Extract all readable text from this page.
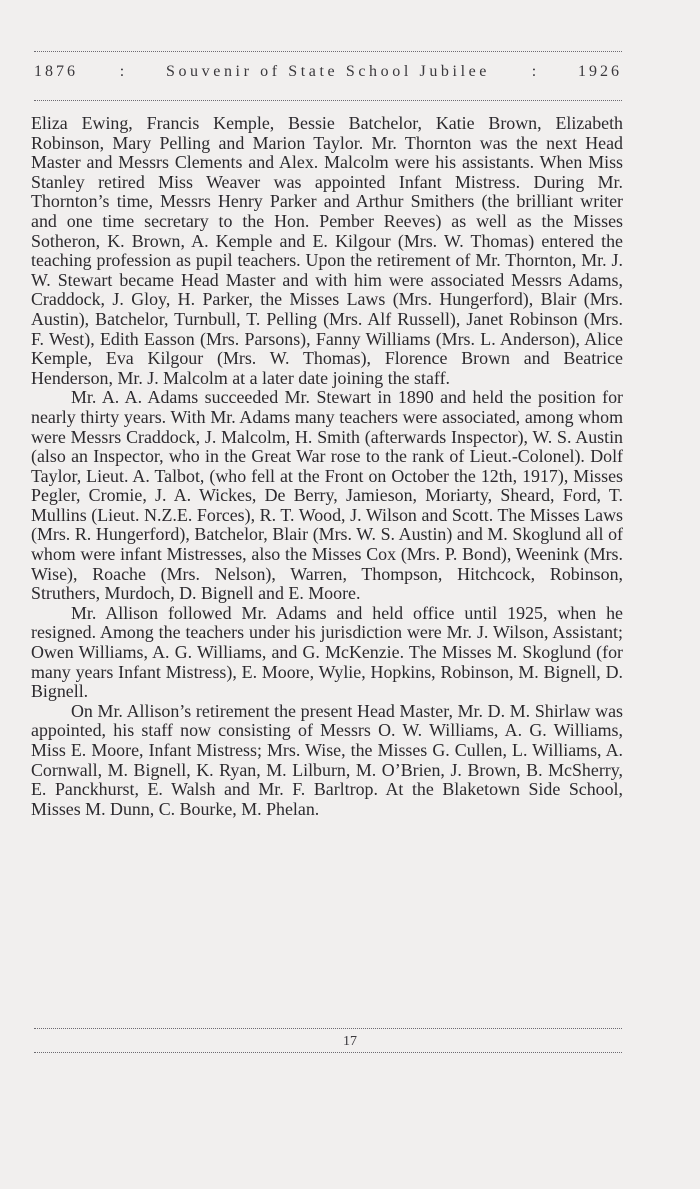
1876	:	Souvenir of State School Jubilee	:	1926

Eliza Ewing, Francis Kemple, Bessie Batchelor, Katie Brown, Elizabeth Robinson, Mary Pelling and Marion Taylor. Mr. Thornton was the next Head Master and Messrs Clements and Alex. Malcolm were his assistants. When Miss Stanley retired Miss Weaver was appointed Infant Mistress. During Mr. Thornton’s time, Messrs Henry Parker and Arthur Smithers (the brilliant writer and one time secretary to the Hon. Pember Reeves) as well as the Misses Sotheron, K. Brown, A. Kemple and E. Kilgour (Mrs. W. Thomas) entered the teaching profession as pupil teachers. Upon the retirement of Mr. Thornton, Mr. J. W. Stewart became Head Master and with him were associated Messrs Adams, Craddock, J. Gloy, H. Parker, the Misses Laws (Mrs. Hungerford), Blair (Mrs. Austin), Batchelor, Turnbull, T. Pelling (Mrs. Alf Russell), Janet Robinson (Mrs. F. West), Edith Easson (Mrs. Parsons), Fanny Williams (Mrs. L. Anderson), Alice Kemple, Eva Kilgour (Mrs. W. Thomas), Florence Brown and Beatrice Henderson, Mr. J. Malcolm at a later date joining the staff.

Mr. A. A. Adams succeeded Mr. Stewart in 1890 and held the position for nearly thirty years. With Mr. Adams many teachers were associated, among whom were Messrs Craddock, J. Malcolm, H. Smith (afterwards Inspector), W. S. Austin (also an Inspector, who in the Great War rose to the rank of Lieut.-Colonel). Dolf Taylor, Lieut. A. Talbot, (who fell at the Front on October the 12th, 1917), Misses Pegler, Cromie, J. A. Wickes, De Berry, Jamieson, Moriarty, Sheard, Ford, T. Mullins (Lieut. N.Z.E. Forces), R. T. Wood, J. Wilson and Scott. The Misses Laws (Mrs. R. Hungerford), Batchelor, Blair (Mrs. W. S. Austin) and M. Skoglund all of whom were infant Mistresses, also the Misses Cox (Mrs. P. Bond), Weenink (Mrs. Wise), Roache (Mrs. Nelson), Warren, Thompson, Hitchcock, Robinson, Struthers, Murdoch, D. Bignell and E. Moore.

Mr. Allison followed Mr. Adams and held office until 1925, when he resigned. Among the teachers under his jurisdiction were Mr. J. Wilson, Assistant; Owen Williams, A. G. Williams, and G. McKenzie. The Misses M. Skoglund (for many years Infant Mistress), E. Moore, Wylie, Hopkins, Robinson, M. Bignell, D. Bignell.

On Mr. Allison’s retirement the present Head Master, Mr. D. M. Shirlaw was appointed, his staff now consisting of Messrs O. W. Williams, A. G. Williams, Miss E. Moore, Infant Mistress; Mrs. Wise, the Misses G. Cullen, L. Williams, A. Cornwall, M. Bignell, K. Ryan, M. Lilburn, M. O’Brien, J. Brown, B. McSherry, E. Panckhurst, E. Walsh and Mr. F. Barltrop. At the Blaketown Side School, Misses M. Dunn, C. Bourke, M. Phelan.

17
